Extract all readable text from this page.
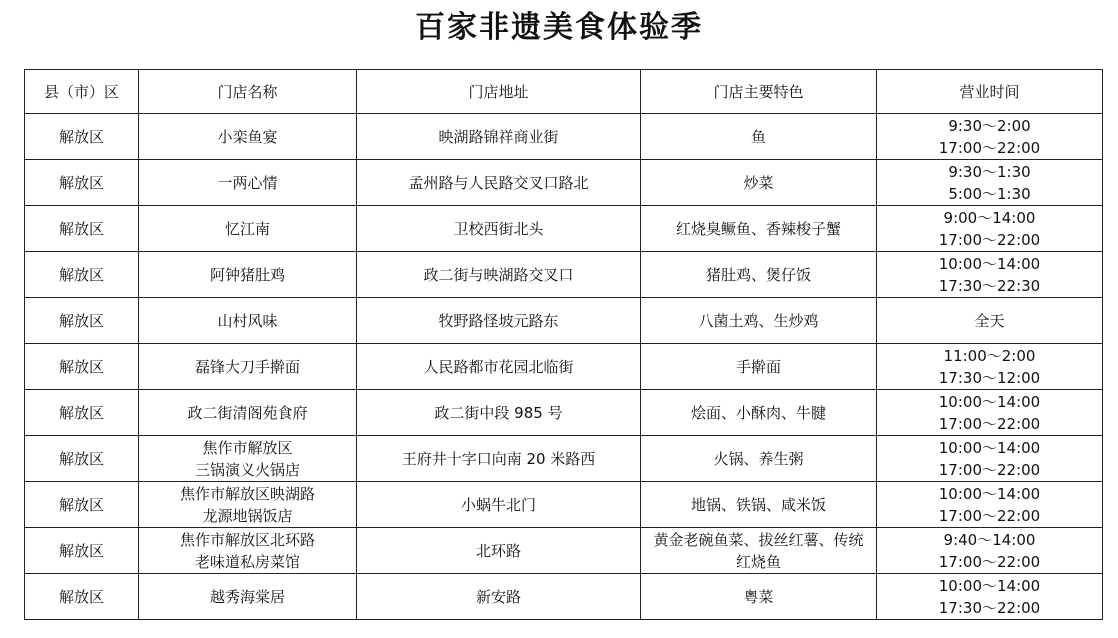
百家非遗美食体验季
县（市）区	门店名称	门店地址	门店主要特色	营业时间
解放区	小栾鱼宴	映湖路锦祥商业街	鱼	9:30～2:00
17:00～22:00

解放区	一两心情	孟州路与人民路交叉口路北	炒菜	9:30～1:30
5:00～1:30

解放区	忆江南	卫校西街北头	红烧臭鳜鱼、香辣梭子蟹	9:00～14:00
17:00～22:00

解放区	阿钟猪肚鸡	政二街与映湖路交叉口	猪肚鸡、煲仔饭	10:00～14:00
17:30～22:30

解放区	山村风味	牧野路怪坡元路东	八菌土鸡、生炒鸡	全天

解放区	磊锋大刀手擀面	人民路都市花园北临街	手擀面	11:00～2:00
17:30～12:00

解放区	政二街清阁苑食府	政二街中段 985 号	烩面、小酥肉、牛腱	10:00～14:00
17:00～22:00

解放区	焦作市解放区
三锅演义火锅店	王府井十字口向南 20 米路西	火锅、养生粥	10:00～14:00
17:00～22:00

解放区	焦作市解放区映湖路
龙源地锅饭店	小蜗牛北门	地锅、铁锅、咸米饭	10:00～14:00
17:00～22:00

解放区	焦作市解放区北环路
老味道私房菜馆	北环路	黄金老碗鱼菜、拔丝红薯、传统
红烧鱼	9:40～14:00
17:00～22:00

解放区	越秀海棠居	新安路	粤菜	10:00～14:00
17:30～22:00
